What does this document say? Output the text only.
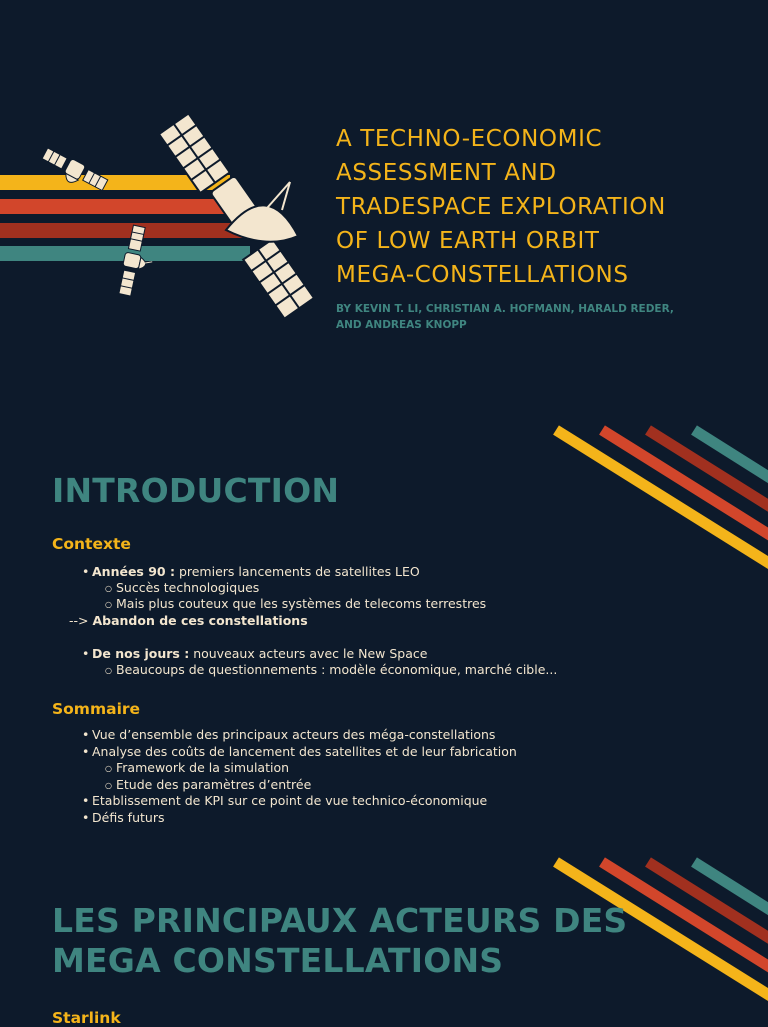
A TECHNO-ECONOMIC

ASSESSMENT AND

TRADESPACE EXPLORATION

OF LOW EARTH ORBIT

MEGA-CONSTELLATIONS

BY KEVIN T. LI, CHRISTIAN A. HOFMANN, HARALD REDER,
AND ANDREAS KNOPP
INTRODUCTION
Contexte
• Années 90 : premiers lancements de satellites LEO
○ Succès technologiques
○ Mais plus couteux que les systèmes de telecoms terrestres
--> Abandon de ces constellations
• De nos jours : nouveaux acteurs avec le New Space
○ Beaucoups de questionnements : modèle économique, marché cible...
Sommaire
• Vue d’ensemble des principaux acteurs des méga-constellations
• Analyse des coûts de lancement des satellites et de leur fabrication
○ Framework de la simulation
○ Etude des paramètres d’entrée
• Etablissement de KPI sur ce point de vue technico-économique
• Défis futurs
LES PRINCIPAUX ACTEURS DES
MEGA CONSTELLATIONS
Starlink
